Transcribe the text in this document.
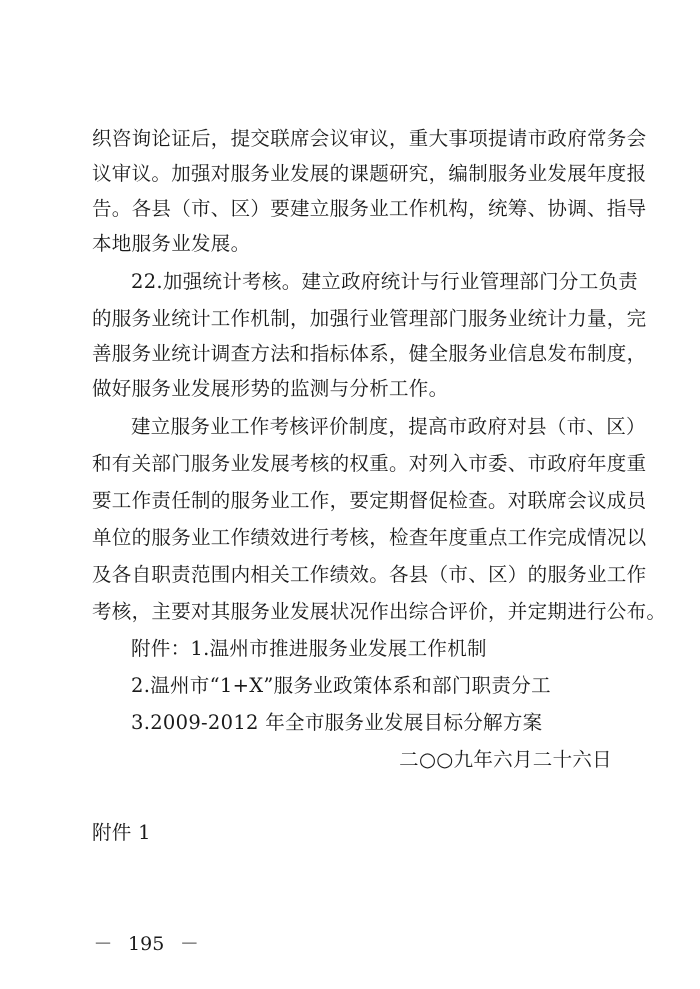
织咨询论证后，提交联席会议审议，重大事项提请市政府常务会
议审议。加强对服务业发展的课题研究，编制服务业发展年度报
告。各县（市、区）要建立服务业工作机构，统筹、协调、指导
本地服务业发展。
22.加强统计考核。建立政府统计与行业管理部门分工负责
的服务业统计工作机制，加强行业管理部门服务业统计力量，完
善服务业统计调查方法和指标体系，健全服务业信息发布制度，
做好服务业发展形势的监测与分析工作。
建立服务业工作考核评价制度，提高市政府对县（市、区）
和有关部门服务业发展考核的权重。对列入市委、市政府年度重
要工作责任制的服务业工作，要定期督促检查。对联席会议成员
单位的服务业工作绩效进行考核，检查年度重点工作完成情况以
及各自职责范围内相关工作绩效。各县（市、区）的服务业工作
考核，主要对其服务业发展状况作出综合评价，并定期进行公布。
附件：1.温州市推进服务业发展工作机制
2.温州市“1+X”服务业政策体系和部门职责分工
3.2009-2012 年全市服务业发展目标分解方案
二○○九年六月二十六日
附件 1
－ 195 －
